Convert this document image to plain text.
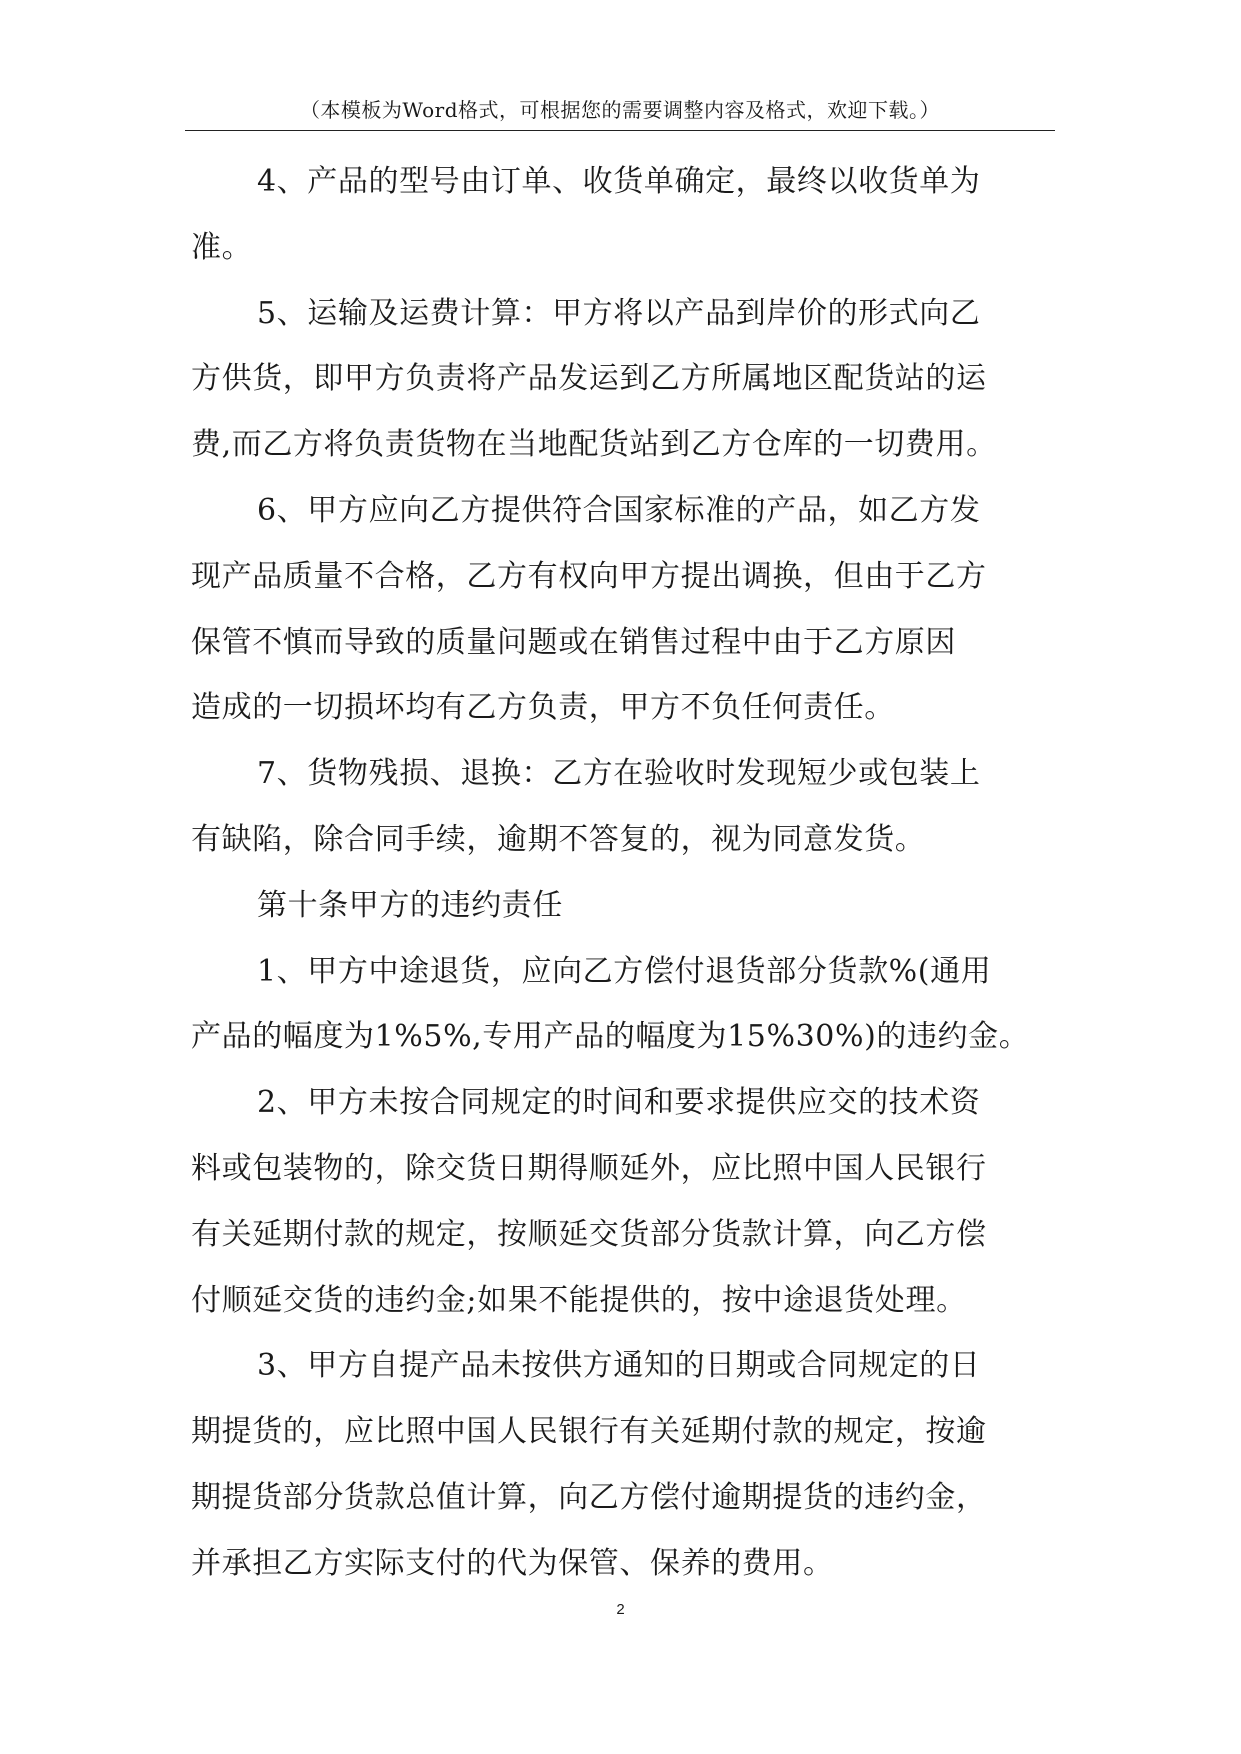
（本模板为Word格式，可根据您的需要调整内容及格式，欢迎下载。）

4、产品的型号由订单、收货单确定，最终以收货单为
准。

5、运输及运费计算：甲方将以产品到岸价的形式向乙
方供货，即甲方负责将产品发运到乙方所属地区配货站的运
费,而乙方将负责货物在当地配货站到乙方仓库的一切费用。

6、甲方应向乙方提供符合国家标准的产品，如乙方发
现产品质量不合格，乙方有权向甲方提出调换，但由于乙方
保管不慎而导致的质量问题或在销售过程中由于乙方原因
造成的一切损坏均有乙方负责，甲方不负任何责任。

7、货物残损、退换：乙方在验收时发现短少或包装上
有缺陷，除合同手续，逾期不答复的，视为同意发货。

第十条甲方的违约责任

1、甲方中途退货，应向乙方偿付退货部分货款%(通用
产品的幅度为1%5%,专用产品的幅度为15%30%)的违约金。

2、甲方未按合同规定的时间和要求提供应交的技术资
料或包装物的，除交货日期得顺延外，应比照中国人民银行
有关延期付款的规定，按顺延交货部分货款计算，向乙方偿
付顺延交货的违约金;如果不能提供的，按中途退货处理。

3、甲方自提产品未按供方通知的日期或合同规定的日
期提货的，应比照中国人民银行有关延期付款的规定，按逾
期提货部分货款总值计算，向乙方偿付逾期提货的违约金，
并承担乙方实际支付的代为保管、保养的费用。

2
